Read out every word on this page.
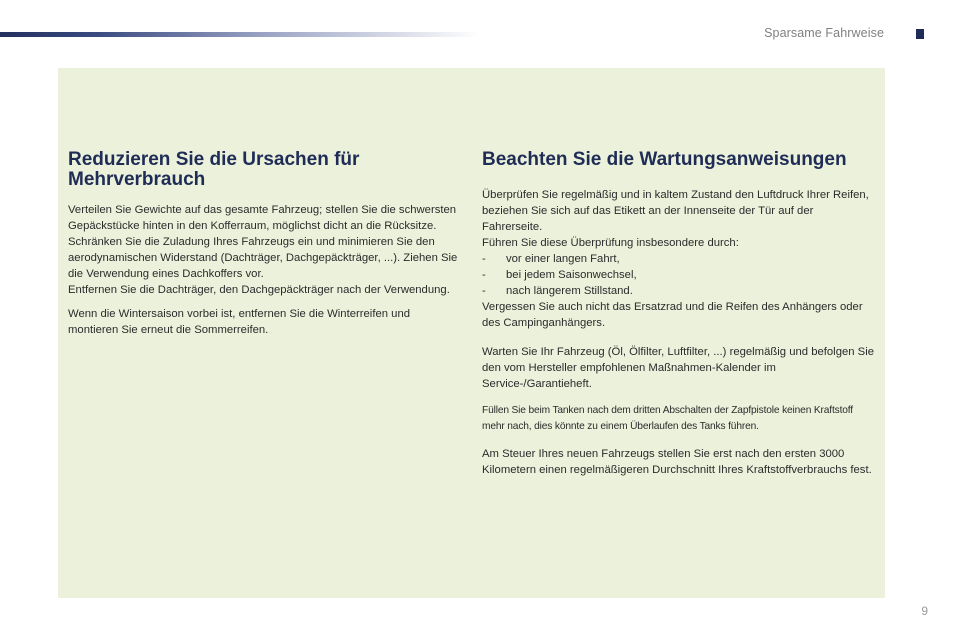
Sparsame Fahrweise
Reduzieren Sie die Ursachen für Mehrverbrauch

Verteilen Sie Gewichte auf das gesamte Fahrzeug; stellen Sie die schwersten Gepäckstücke hinten in den Kofferraum, möglichst dicht an die Rücksitze.

Schränken Sie die Zuladung Ihres Fahrzeugs ein und minimieren Sie den aerodynamischen Widerstand (Dachträger, Dachgepäckträger, ...). Ziehen Sie die Verwendung eines Dachkoffers vor.

Entfernen Sie die Dachträger, den Dachgepäckträger nach der Verwendung.

Wenn die Wintersaison vorbei ist, entfernen Sie die Winterreifen und montieren Sie erneut die Sommerreifen.

Beachten Sie die Wartungsanweisungen

Überprüfen Sie regelmäßig und in kaltem Zustand den Luftdruck Ihrer Reifen, beziehen Sie sich auf das Etikett an der Innenseite der Tür auf der Fahrerseite.

Führen Sie diese Überprüfung insbesondere durch:

- vor einer langen Fahrt,
- bei jedem Saisonwechsel,
- nach längerem Stillstand.

Vergessen Sie auch nicht das Ersatzrad und die Reifen des Anhängers oder des Campinganhängers.

Warten Sie Ihr Fahrzeug (Öl, Ölfilter, Luftfilter, ...) regelmäßig und befolgen Sie den vom Hersteller empfohlenen Maßnahmen-Kalender im Service-/Garantieheft.

Füllen Sie beim Tanken nach dem dritten Abschalten der Zapfpistole keinen Kraftstoff mehr nach, dies könnte zu einem Überlaufen des Tanks führen.

Am Steuer Ihres neuen Fahrzeugs stellen Sie erst nach den ersten 3000 Kilometern einen regelmäßigeren Durchschnitt Ihres Kraftstoffverbrauchs fest.

9
